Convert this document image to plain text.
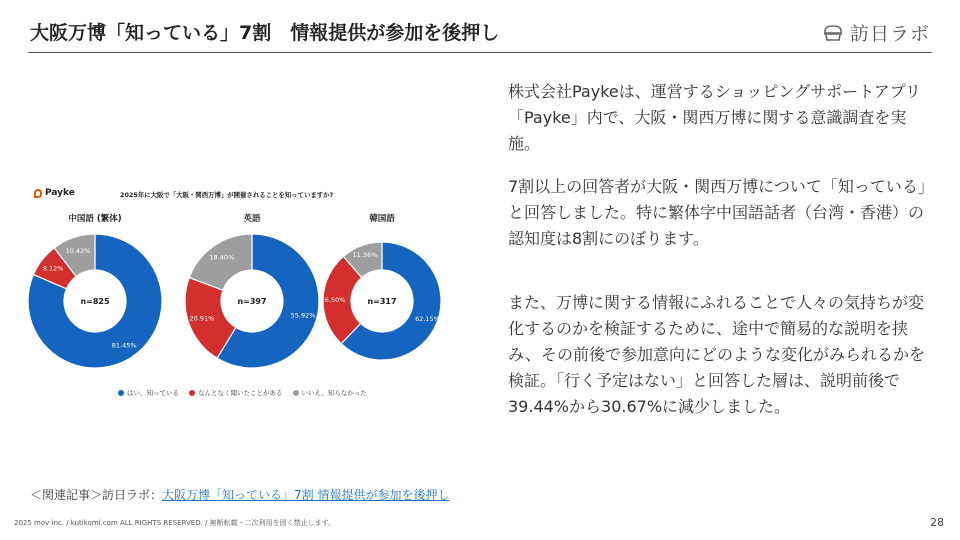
大阪万博「知っている」7割　情報提供が参加を後押し	訪日ラボ
Payke	2025年に大阪で「大阪・関西万博」が開催されることを知っていますか?
81.45%
8.12%
10.42%
n=825
中国語 (繁体)
55.92%
20.91%
18.40%
n=397
英語
62.15%
26.50%
11.36%
n=317
韓国語
はい、知っている	なんとなく聞いたことがある	いいえ、知らなかった
株式会社Paykeは、運営するショッピングサポートアプリ「Payke」内で、大阪・関西万博に関する意識調査を実施。
7割以上の回答者が大阪・関西万博について「知っている」と回答しました。特に繁体字中国語話者（台湾・香港）の認知度は8割にのぼります。
また、万博に関する情報にふれることで人々の気持ちが変化するのかを検証するために、途中で簡易的な説明を挟み、その前後で参加意向にどのような変化がみられるかを検証。「行く予定はない」と回答した層は、説明前後で39.44%から30.67%に減少しました。
＜関連記事＞訪日ラボ：大阪万博「知っている」7割 情報提供が参加を後押し
2025 mov inc. / kutikomi.com ALL RIGHTS RESERVED. / 無断転載・二次利用を固く禁止します。	28
